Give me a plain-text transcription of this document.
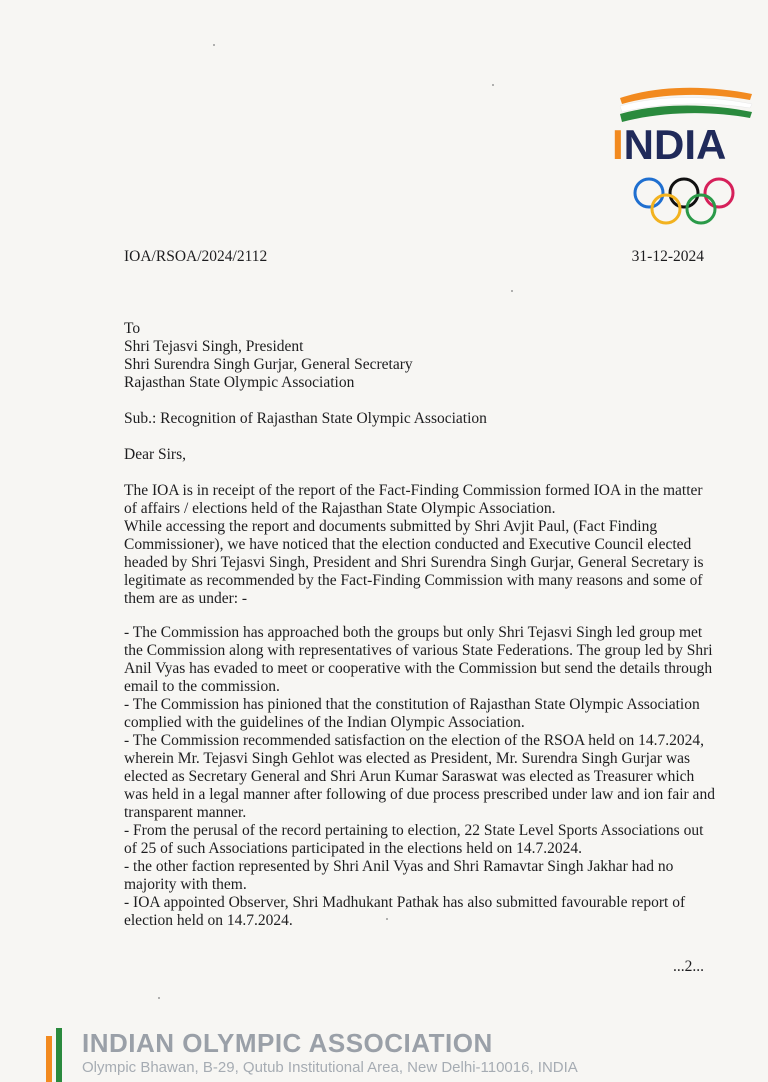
INDIA
IOA/RSOA/2024/2112	31-12-2024
To
Shri Tejasvi Singh, President
Shri Surendra Singh Gurjar, General Secretary
Rajasthan State Olympic Association
Sub.: Recognition of Rajasthan State Olympic Association
Dear Sirs,
The IOA is in receipt of the report of the Fact-Finding Commission formed IOA in the matter
of affairs / elections held of the Rajasthan State Olympic Association.
While accessing the report and documents submitted by Shri Avjit Paul, (Fact Finding
Commissioner), we have noticed that the election conducted and Executive Council elected
headed by Shri Tejasvi Singh, President and Shri Surendra Singh Gurjar, General Secretary is
legitimate as recommended by the Fact-Finding Commission with many reasons and some of
them are as under: -
- The Commission has approached both the groups but only Shri Tejasvi Singh led group met
the Commission along with representatives of various State Federations. The group led by Shri
Anil Vyas has evaded to meet or cooperative with the Commission but send the details through
email to the commission.
- The Commission has pinioned that the constitution of Rajasthan State Olympic Association
complied with the guidelines of the Indian Olympic Association.
- The Commission recommended satisfaction on the election of the RSOA held on 14.7.2024,
wherein Mr. Tejasvi Singh Gehlot was elected as President, Mr. Surendra Singh Gurjar was
elected as Secretary General and Shri Arun Kumar Saraswat was elected as Treasurer which
was held in a legal manner after following of due process prescribed under law and ion fair and
transparent manner.
- From the perusal of the record pertaining to election, 22 State Level Sports Associations out
of 25 of such Associations participated in the elections held on 14.7.2024.
- the other faction represented by Shri Anil Vyas and Shri Ramavtar Singh Jakhar had no
majority with them.
- IOA appointed Observer, Shri Madhukant Pathak has also submitted favourable report of
election held on 14.7.2024.
...2...
INDIAN OLYMPIC ASSOCIATION
Olympic Bhawan, B-29, Qutub Institutional Area, New Delhi-110016, INDIA
